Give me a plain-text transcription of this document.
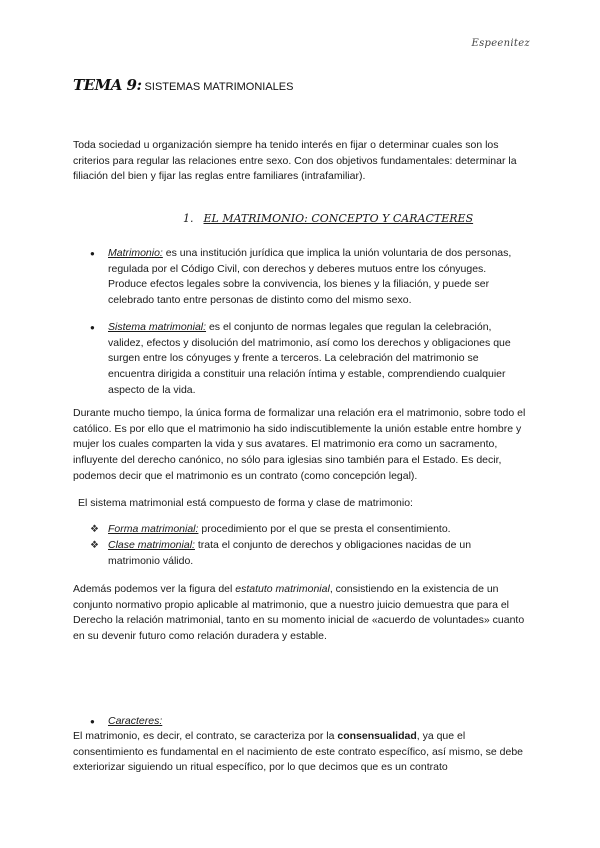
Espeenitez
TEMA 9: SISTEMAS MATRIMONIALES

Toda sociedad u organización siempre ha tenido interés en fijar o determinar cuales son los criterios para regular las relaciones entre sexo. Con dos objetivos fundamentales: determinar la filiación del bien y fijar las reglas entre familiares (intrafamiliar).

1. EL MATRIMONIO: CONCEPTO Y CARACTERES
● Matrimonio: es una institución jurídica que implica la unión voluntaria de dos personas, regulada por el Código Civil, con derechos y deberes mutuos entre los cónyuges. Produce efectos legales sobre la convivencia, los bienes y la filiación, y puede ser celebrado tanto entre personas de distinto como del mismo sexo.
● Sistema matrimonial: es el conjunto de normas legales que regulan la celebración, validez, efectos y disolución del matrimonio, así como los derechos y obligaciones que surgen entre los cónyuges y frente a terceros. La celebración del matrimonio se encuentra dirigida a constituir una relación íntima y estable, comprendiendo cualquier aspecto de la vida.

Durante mucho tiempo, la única forma de formalizar una relación era el matrimonio, sobre todo el católico. Es por ello que el matrimonio ha sido indiscutiblemente la unión estable entre hombre y mujer los cuales comparten la vida y sus avatares. El matrimonio era como un sacramento, influyente del derecho canónico, no sólo para iglesias sino también para el Estado. Es decir, podemos decir que el matrimonio es un contrato (como concepción legal).

El sistema matrimonial está compuesto de forma y clase de matrimonio:

❖ Forma matrimonial: procedimiento por el que se presta el consentimiento.
❖ Clase matrimonial: trata el conjunto de derechos y obligaciones nacidas de un matrimonio válido.

Además podemos ver la figura del estatuto matrimonial, consistiendo en la existencia de un conjunto normativo propio aplicable al matrimonio, que a nuestro juicio demuestra que para el Derecho la relación matrimonial, tanto en su momento inicial de «acuerdo de voluntades» cuanto en su devenir futuro como relación duradera y estable.

● Caracteres:

El matrimonio, es decir, el contrato, se caracteriza por la consensualidad, ya que el consentimiento es fundamental en el nacimiento de este contrato específico, así mismo, se debe exteriorizar siguiendo un ritual específico, por lo que decimos que es un contrato
